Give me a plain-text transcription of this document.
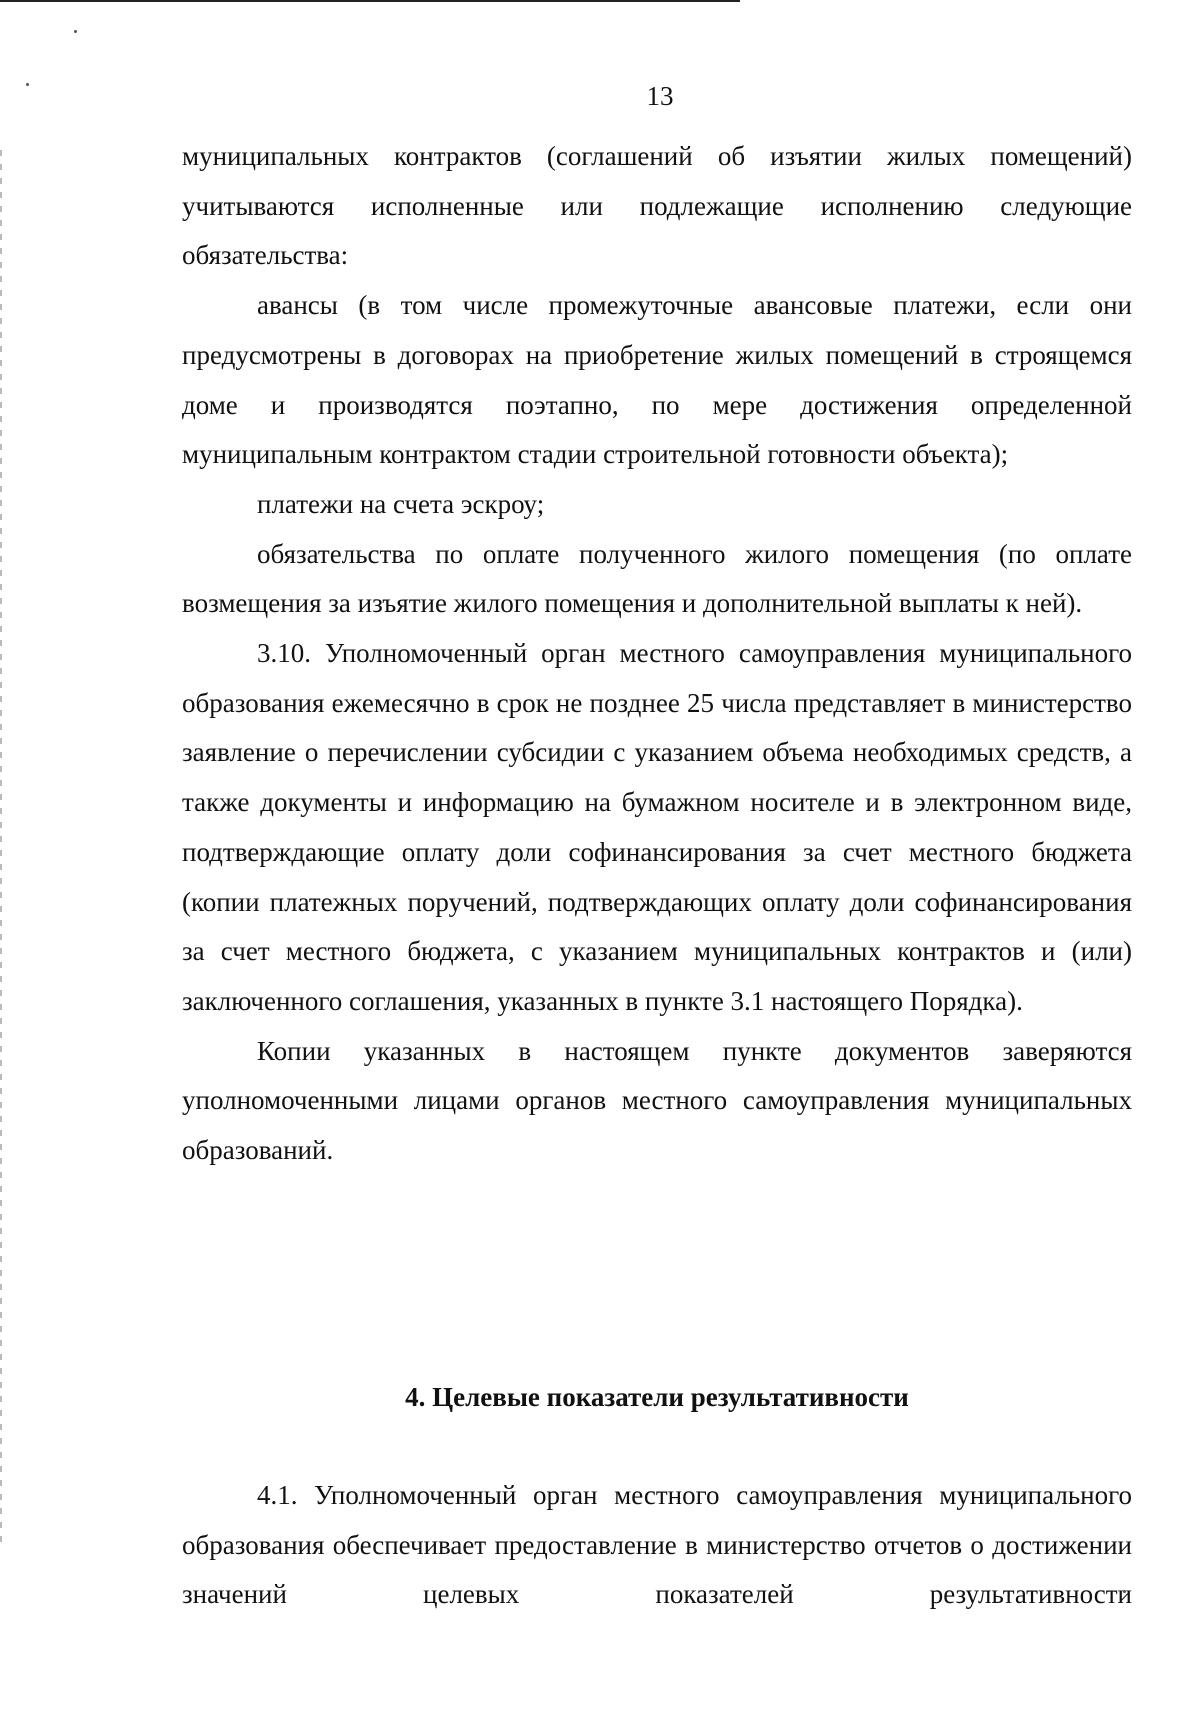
13

муниципальных контрактов (соглашений об изъятии жилых помещений) учитываются исполненные или подлежащие исполнению следующие обязательства:

авансы (в том числе промежуточные авансовые платежи, если они предусмотрены в договорах на приобретение жилых помещений в строящемся доме и производятся поэтапно, по мере достижения определенной муниципальным контрактом стадии строительной готовности объекта);

платежи на счета эскроу;

обязательства по оплате полученного жилого помещения (по оплате возмещения за изъятие жилого помещения и дополнительной выплаты к ней).

3.10. Уполномоченный орган местного самоуправления муниципального образования ежемесячно в срок не позднее 25 числа представляет в министерство заявление о перечислении субсидии с указанием объема необходимых средств, а также документы и информацию на бумажном носителе и в электронном виде, подтверждающие оплату доли софинансирования за счет местного бюджета (копии платежных поручений, подтверждающих оплату доли софинансирования за счет местного бюджета, с указанием муниципальных контрактов и (или) заключенного соглашения, указанных в пункте 3.1 настоящего Порядка).

Копии указанных в настоящем пункте документов заверяются уполномоченными лицами органов местного самоуправления муниципальных образований.

4. Целевые показатели результативности

4.1. Уполномоченный орган местного самоуправления муниципального образования обеспечивает предоставление в министерство отчетов о достижении значений целевых показателей результативности
